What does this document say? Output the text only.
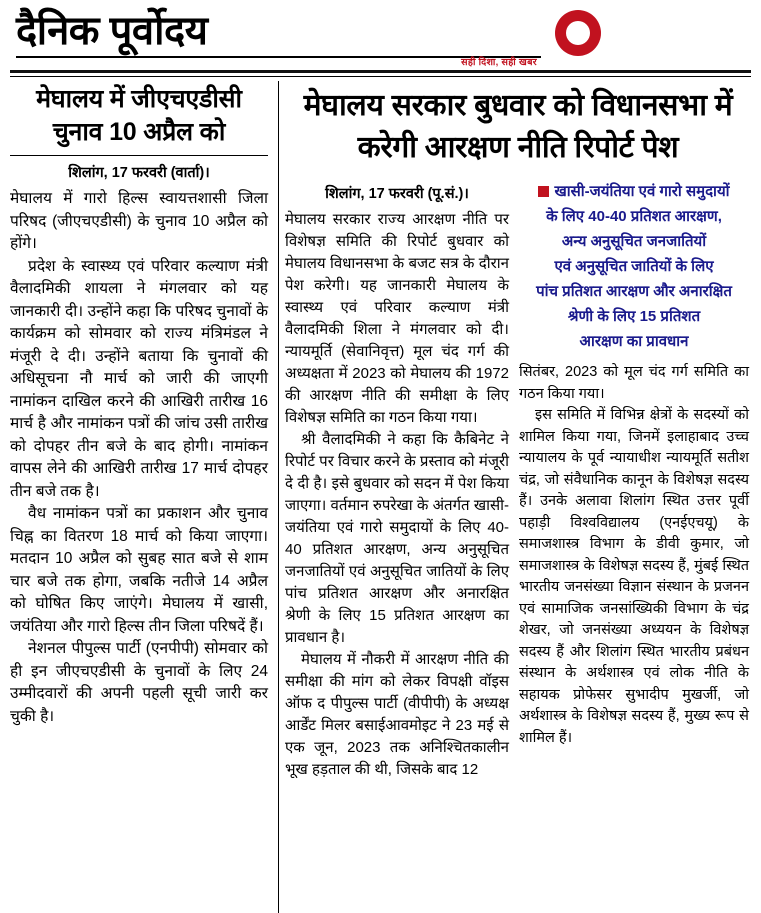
दैनिक पूर्वोदय
सही दिशा, सही खबर
मेघालय में जीएचएडीसी चुनाव 10 अप्रैल को
शिलांग, 17 फरवरी (वार्ता)।

मेघालय में गारो हिल्स स्वायत्तशासी जिला परिषद (जीएचएडीसी) के चुनाव 10 अप्रैल को होंगे।

प्रदेश के स्वास्थ्य एवं परिवार कल्याण मंत्री वैलादमिकी शायला ने मंगलवार को यह जानकारी दी। उन्होंने कहा कि परिषद चुनावों के कार्यक्रम को सोमवार को राज्य मंत्रिमंडल ने मंजूरी दे दी। उन्होंने बताया कि चुनावों की अधिसूचना नौ मार्च को जारी की जाएगी नामांकन दाखिल करने की आखिरी तारीख 16 मार्च है और नामांकन पत्रों की जांच उसी तारीख को दोपहर तीन बजे के बाद होगी। नामांकन वापस लेने की आखिरी तारीख 17 मार्च दोपहर तीन बजे तक है।

वैध नामांकन पत्रों का प्रकाशन और चुनाव चिह्न का वितरण 18 मार्च को किया जाएगा। मतदान 10 अप्रैल को सुबह सात बजे से शाम चार बजे तक होगा, जबकि नतीजे 14 अप्रैल को घोषित किए जाएंगे। मेघालय में खासी, जयंतिया और गारो हिल्स तीन जिला परिषदें हैं।

नेशनल पीपुल्स पार्टी (एनपीपी) सोमवार को ही इन जीएचएडीसी के चुनावों के लिए 24 उम्मीदवारों की अपनी पहली सूची जारी कर चुकी है।

मेघालय सरकार बुधवार को विधानसभा में करेगी आरक्षण नीति रिपोर्ट पेश
शिलांग, 17 फरवरी (पू.सं.)।

मेघालय सरकार राज्य आरक्षण नीति पर विशेषज्ञ समिति की रिपोर्ट बुधवार को मेघालय विधानसभा के बजट सत्र के दौरान पेश करेगी। यह जानकारी मेघालय के स्वास्थ्य एवं परिवार कल्याण मंत्री वैलादमिकी शिला ने मंगलवार को दी। न्यायमूर्ति (सेवानिवृत्त) मूल चंद गर्ग की अध्यक्षता में 2023 को मेघालय की 1972 की आरक्षण नीति की समीक्षा के लिए विशेषज्ञ समिति का गठन किया गया।

श्री वैलादमिकी ने कहा कि कैबिनेट ने रिपोर्ट पर विचार करने के प्रस्ताव को मंजूरी दे दी है। इसे बुधवार को सदन में पेश किया जाएगा। वर्तमान रुपरेखा के अंतर्गत खासी-जयंतिया एवं गारो समुदायों के लिए 40-40 प्रतिशत आरक्षण, अन्य अनुसूचित जनजातियों एवं अनुसूचित जातियों के लिए पांच प्रतिशत आरक्षण और अनारक्षित श्रेणी के लिए 15 प्रतिशत आरक्षण का प्रावधान है।

मेघालय में नौकरी में आरक्षण नीति की समीक्षा की मांग को लेकर विपक्षी वॉइस ऑफ द पीपुल्स पार्टी (वीपीपी) के अध्यक्ष आर्डेंट मिलर बसाईआवमोइट ने 23 मई से एक जून, 2023 तक अनिश्चितकालीन भूख हड़ताल की थी, जिसके बाद 12

खासी-जयंतिया एवं गारो समुदायों
के लिए 40-40 प्रतिशत आरक्षण,
अन्य अनुसूचित जनजातियों
एवं अनुसूचित जातियों के लिए
पांच प्रतिशत आरक्षण और अनारक्षित
श्रेणी के लिए 15 प्रतिशत
आरक्षण का प्रावधान

सितंबर, 2023 को मूल चंद गर्ग समिति का गठन किया गया।

इस समिति में विभिन्न क्षेत्रों के सदस्यों को शामिल किया गया, जिनमें इलाहाबाद उच्च न्यायालय के पूर्व न्यायाधीश न्यायमूर्ति सतीश चंद्र, जो संवैधानिक कानून के विशेषज्ञ सदस्य हैं। उनके अलावा शिलांग स्थित उत्तर पूर्वी पहाड़ी विश्वविद्यालय (एनईएचयू) के समाजशास्त्र विभाग के डीवी कुमार, जो समाजशास्त्र के विशेषज्ञ सदस्य हैं, मुंबई स्थित भारतीय जनसंख्या विज्ञान संस्थान के प्रजनन एवं सामाजिक जनसांख्यिकी विभाग के चंद्र शेखर, जो जनसंख्या अध्ययन के विशेषज्ञ सदस्य हैं और शिलांग स्थित भारतीय प्रबंधन संस्थान के अर्थशास्त्र एवं लोक नीति के सहायक प्रोफेसर सुभादीप मुखर्जी, जो अर्थशास्त्र के विशेषज्ञ सदस्य हैं, मुख्य रूप से शामिल हैं।
